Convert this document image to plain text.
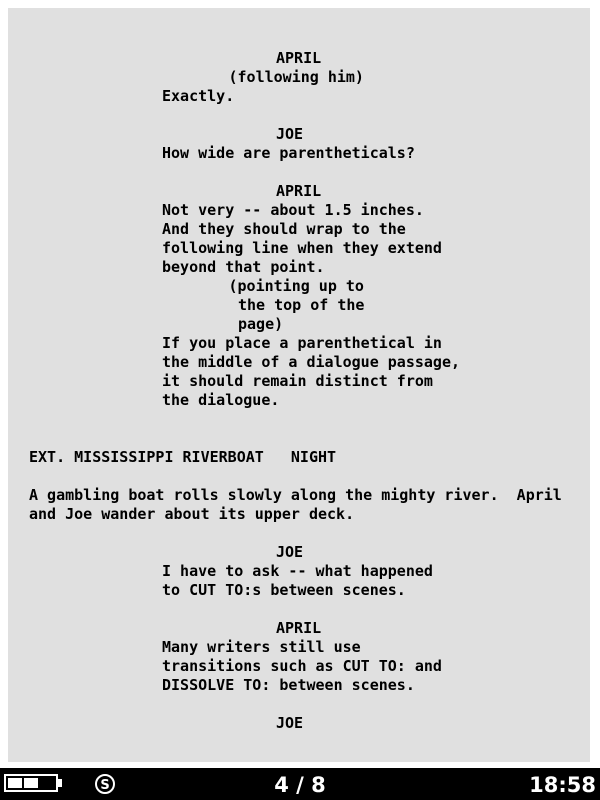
APRIL
(following him)
Exactly.
JOE
How wide are parentheticals?
APRIL
Not very -- about 1.5 inches.
And they should wrap to the
following line when they extend
beyond that point.
(pointing up to
the top of the
page)
If you place a parenthetical in
the middle of a dialogue passage,
it should remain distinct from
the dialogue.
EXT. MISSISSIPPI RIVERBOAT   NIGHT
A gambling boat rolls slowly along the mighty river.  April
and Joe wander about its upper deck.
JOE
I have to ask -- what happened
to CUT TO:s between scenes.
APRIL
Many writers still use
transitions such as CUT TO: and
DISSOLVE TO: between scenes.
JOE
S	4 / 8	18:58
